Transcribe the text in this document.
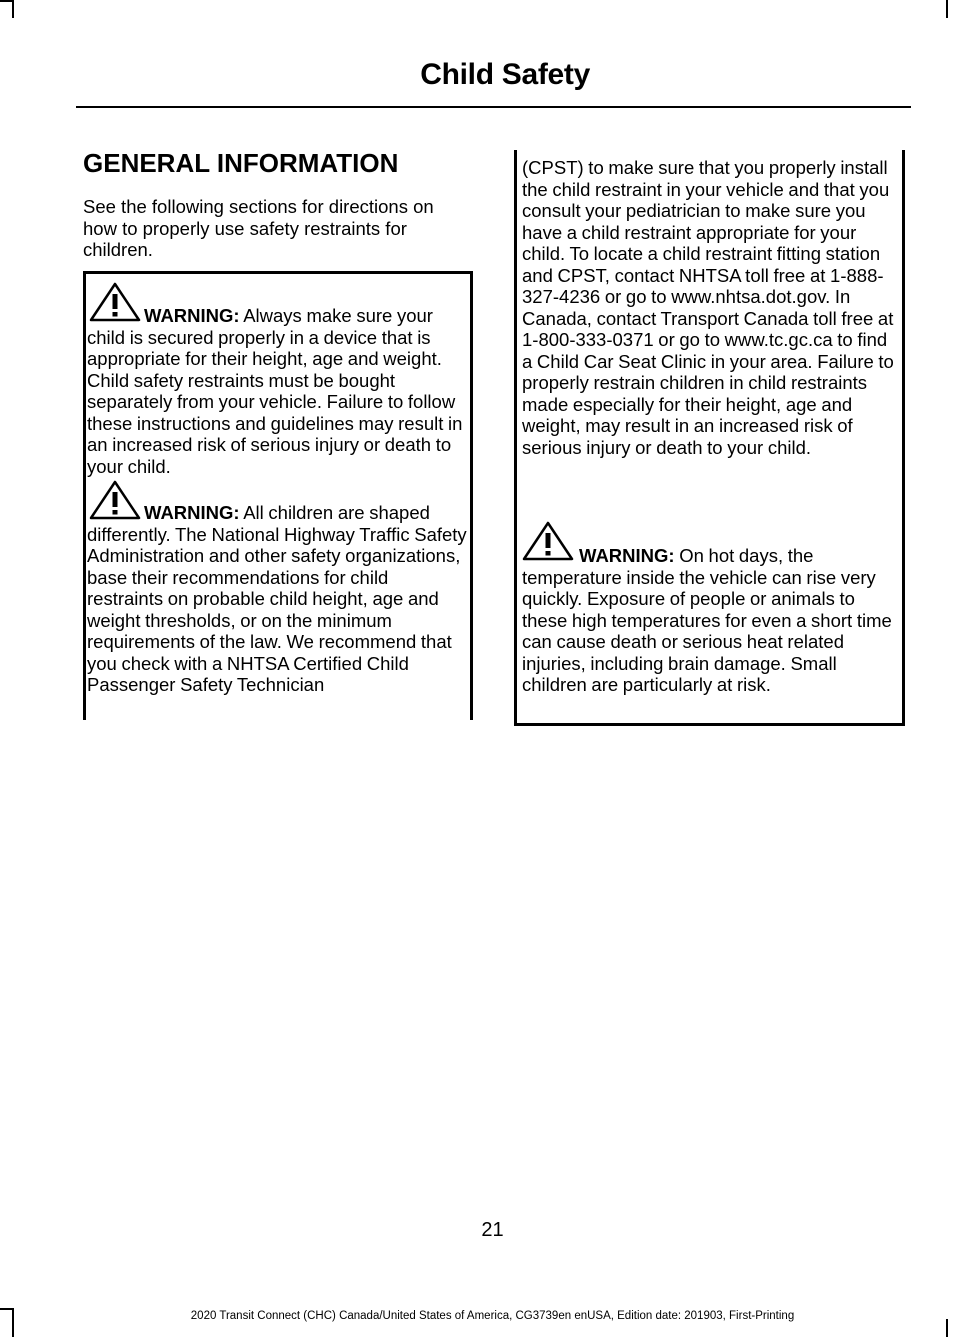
Child Safety
GENERAL INFORMATION
See the following sections for directions on how to properly use safety restraints for children.
WARNING: Always make sure your child is secured properly in a device that is appropriate for their height, age and weight. Child safety restraints must be bought separately from your vehicle. Failure to follow these instructions and guidelines may result in an increased risk of serious injury or death to your child.
WARNING: All children are shaped differently. The National Highway Traffic Safety Administration and other safety organizations, base their recommendations for child restraints on probable child height, age and weight thresholds, or on the minimum requirements of the law. We recommend that you check with a NHTSA Certified Child Passenger Safety Technician
(CPST) to make sure that you properly install the child restraint in your vehicle and that you consult your pediatrician to make sure you have a child restraint appropriate for your child. To locate a child restraint fitting station and CPST, contact NHTSA toll free at 1-888-327-4236 or go to www.nhtsa.dot.gov. In Canada, contact Transport Canada toll free at 1-800-333-0371 or go to www.tc.gc.ca to find a Child Car Seat Clinic in your area. Failure to properly restrain children in child restraints made especially for their height, age and weight, may result in an increased risk of serious injury or death to your child.
WARNING: On hot days, the temperature inside the vehicle can rise very quickly. Exposure of people or animals to these high temperatures for even a short time can cause death or serious heat related injuries, including brain damage. Small children are particularly at risk.
21
2020 Transit Connect (CHC) Canada/United States of America, CG3739en enUSA, Edition date: 201903, First-Printing
